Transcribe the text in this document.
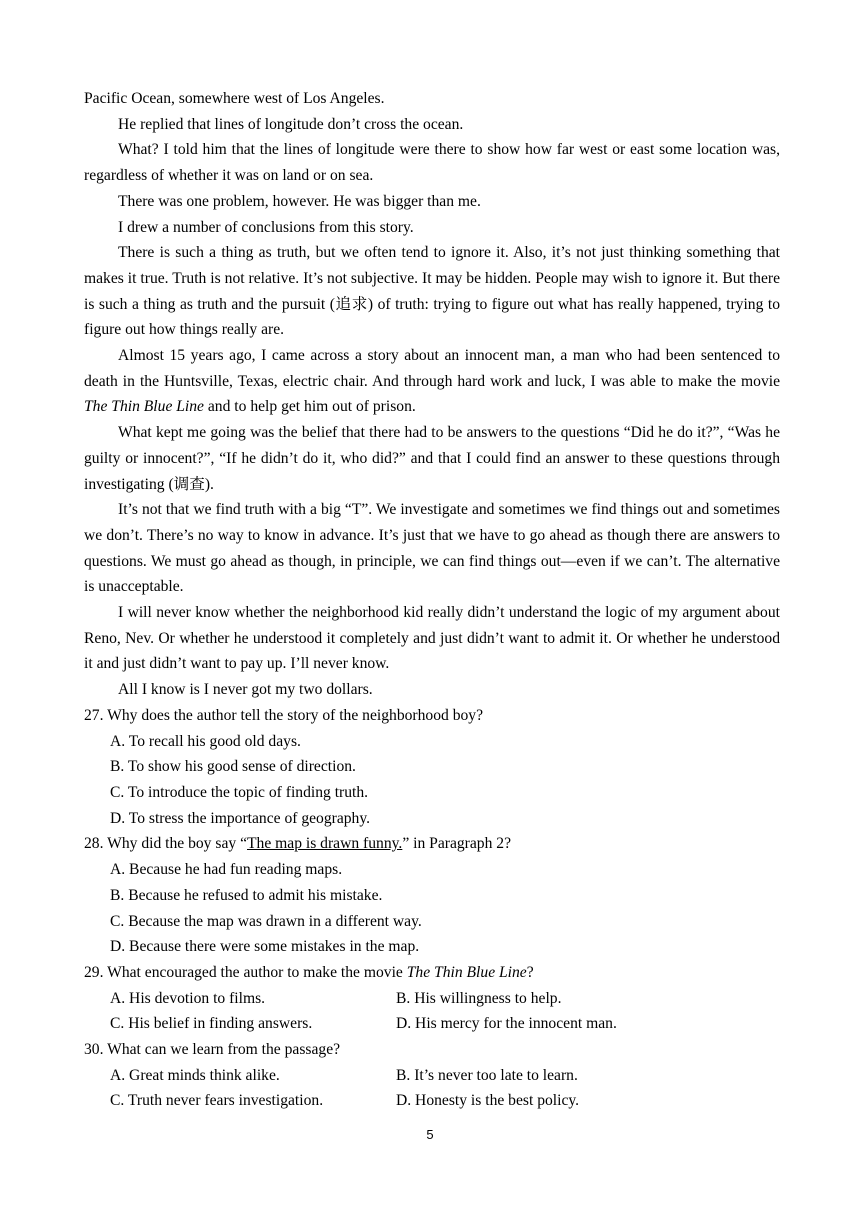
Pacific Ocean, somewhere west of Los Angeles.

He replied that lines of longitude don’t cross the ocean.

What? I told him that the lines of longitude were there to show how far west or east some location was, regardless of whether it was on land or on sea.

There was one problem, however. He was bigger than me.

I drew a number of conclusions from this story.

There is such a thing as truth, but we often tend to ignore it. Also, it’s not just thinking something that makes it true. Truth is not relative. It’s not subjective. It may be hidden. People may wish to ignore it. But there is such a thing as truth and the pursuit (追求) of truth: trying to figure out what has really happened, trying to figure out how things really are.

Almost 15 years ago, I came across a story about an innocent man, a man who had been sentenced to death in the Huntsville, Texas, electric chair. And through hard work and luck, I was able to make the movie The Thin Blue Line and to help get him out of prison.

What kept me going was the belief that there had to be answers to the questions “Did he do it?”, “Was he guilty or innocent?”, “If he didn’t do it, who did?” and that I could find an answer to these questions through investigating (调查).

It’s not that we find truth with a big “T”. We investigate and sometimes we find things out and sometimes we don’t. There’s no way to know in advance. It’s just that we have to go ahead as though there are answers to questions. We must go ahead as though, in principle, we can find things out—even if we can’t. The alternative is unacceptable.

I will never know whether the neighborhood kid really didn’t understand the logic of my argument about Reno, Nev. Or whether he understood it completely and just didn’t want to admit it. Or whether he understood it and just didn’t want to pay up. I’ll never know.

All I know is I never got my two dollars.

27. Why does the author tell the story of the neighborhood boy?

A. To recall his good old days.

B. To show his good sense of direction.

C. To introduce the topic of finding truth.

D. To stress the importance of geography.

28. Why did the boy say “The map is drawn funny.” in Paragraph 2?

A. Because he had fun reading maps.

B. Because he refused to admit his mistake.

C. Because the map was drawn in a different way.

D. Because there were some mistakes in the map.

29. What encouraged the author to make the movie The Thin Blue Line?

A. His devotion to films.	B. His willingness to help.
C. His belief in finding answers.	D. His mercy for the innocent man.

30. What can we learn from the passage?

A. Great minds think alike.	B. It’s never too late to learn.
C. Truth never fears investigation.	D. Honesty is the best policy.
5
